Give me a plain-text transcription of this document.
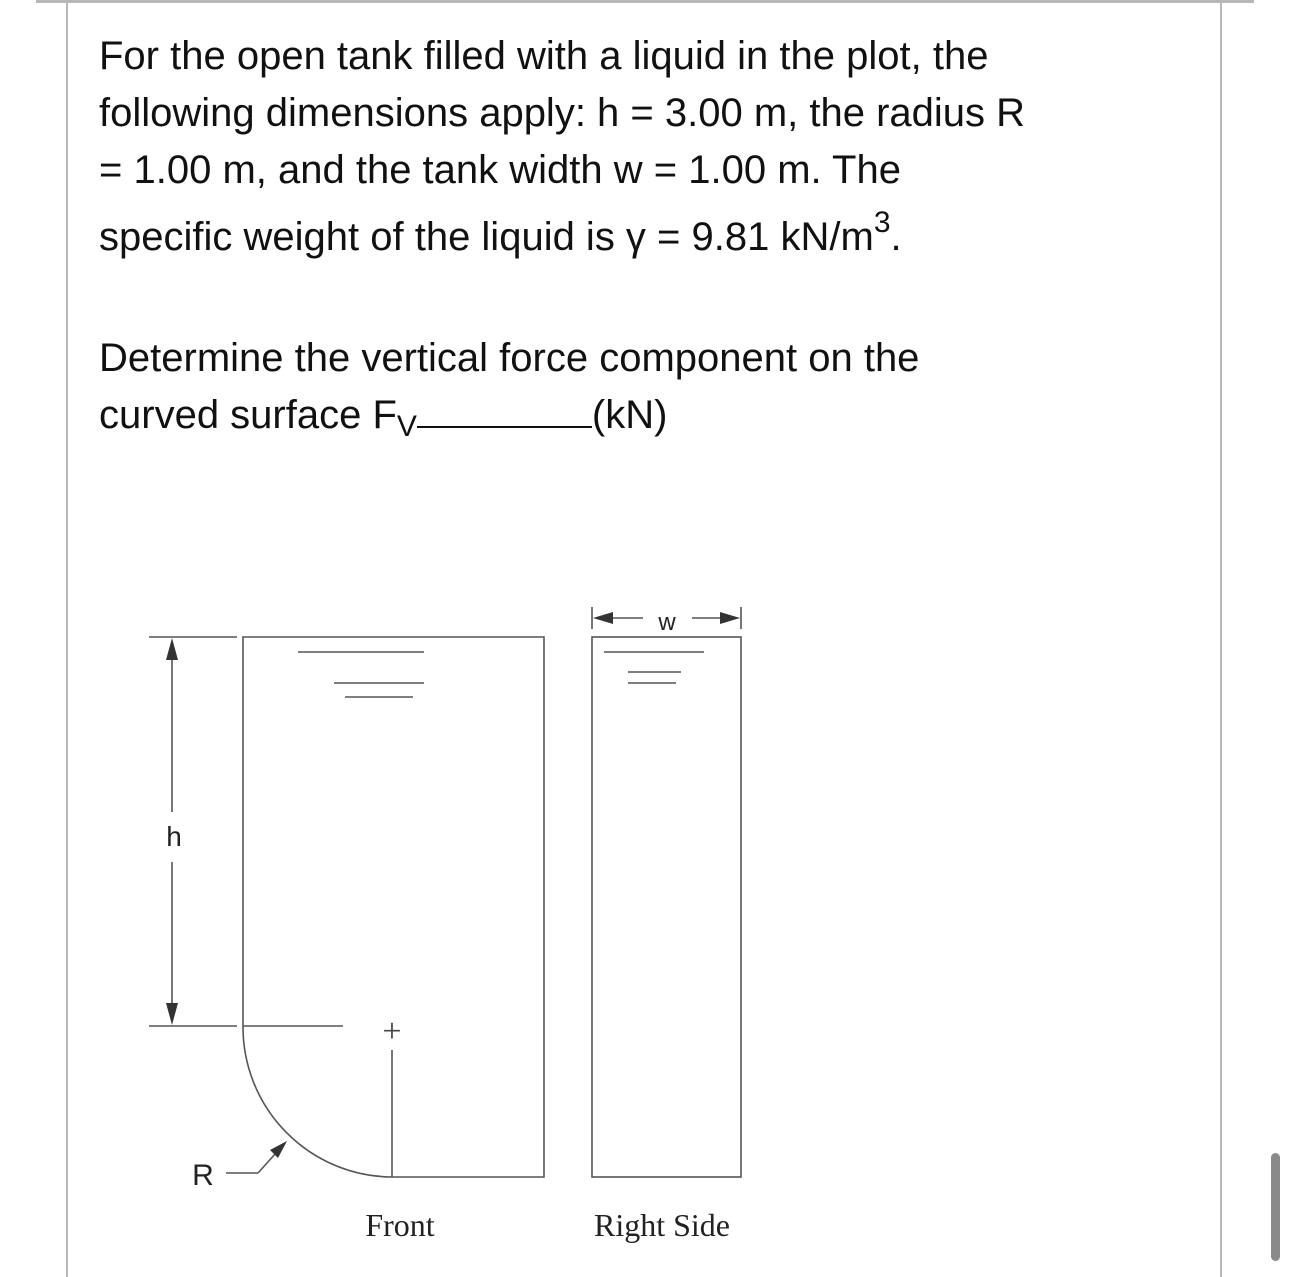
For the open tank filled with a liquid in the plot, the

following dimensions apply: h = 3.00 m, the radius R

= 1.00 m, and the tank width w = 1.00 m. The

specific weight of the liquid is γ = 9.81 $kN/m^3$.

Determine the vertical force component on the

curved surface $F_V$	(kN)

+
h
R
w
Front	Right Side
